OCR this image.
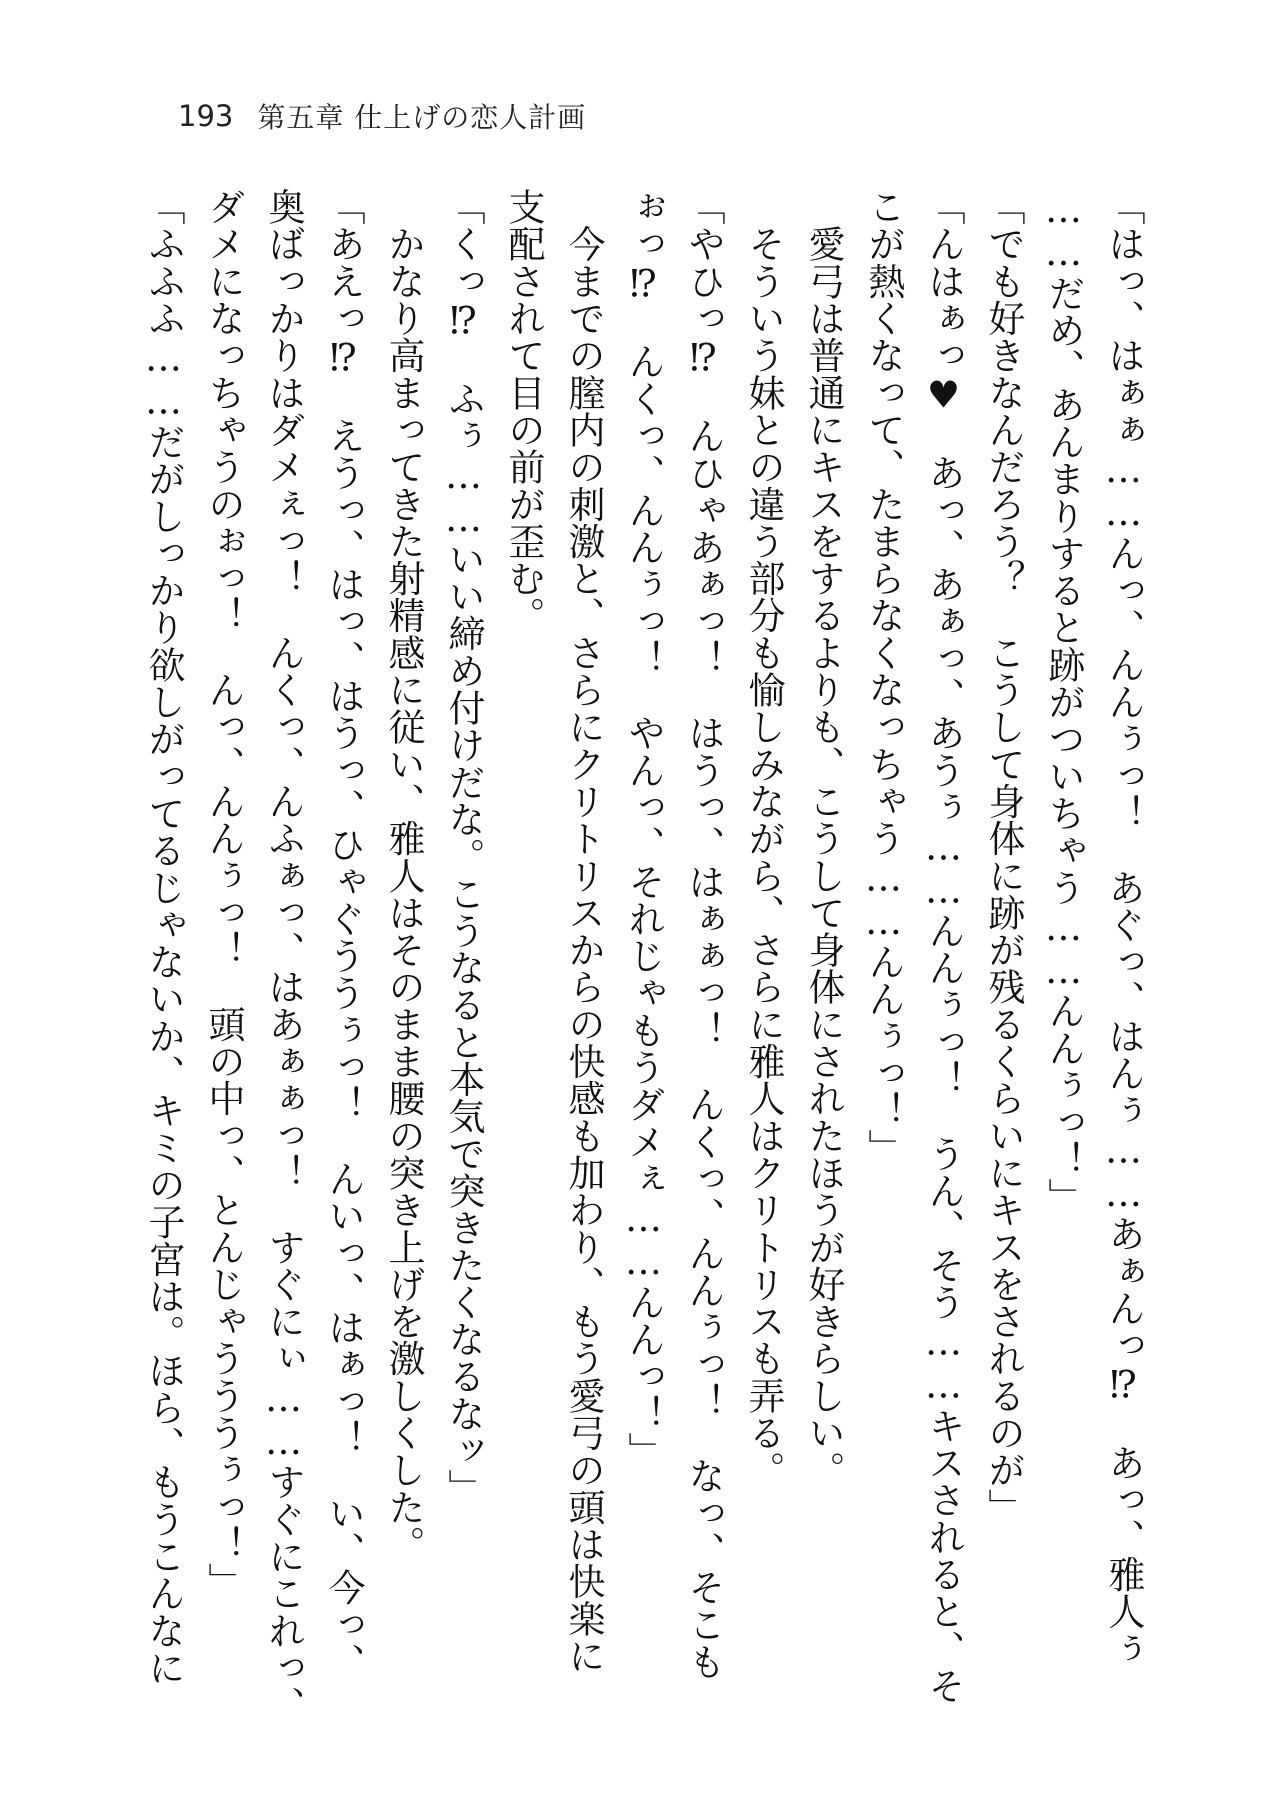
193 第五章 仕上げの恋人計画
「はっ、はぁぁ……んっ、んんぅっ！　あぐっ、はんぅ……あぁんっ⁉　あっ、雅人ぅ
……だめ、あんまりすると跡がついちゃう……んんぅっ！」
「でも好きなんだろう？　こうして身体に跡が残るくらいにキスをされるのが」
「んはぁっ♥　あっ、あぁっ、あうぅ……んんぅっ！　うん、そう……キスされると、そ
こが熱くなって、たまらなくなっちゃう……んんぅっ！」
　愛弓は普通にキスをするよりも、こうして身体にされたほうが好きらしい。
　そういう妹との違う部分も愉しみながら、さらに雅人はクリトリスも弄る。
「やひっ⁉　んひゃあぁっ！　はうっ、はぁぁっ！　んくっ、んんぅっ！　なっ、そこも
ぉっ⁉　んくっ、んんぅっ！　やんっ、それじゃもうダメぇ……んんっ！」
　今までの膣内の刺激と、さらにクリトリスからの快感も加わり、もう愛弓の頭は快楽に
支配されて目の前が歪む。
「くっ⁉　ふぅ……いい締め付けだな。こうなると本気で突きたくなるなッ」
　かなり高まってきた射精感に従い、雅人はそのまま腰の突き上げを激しくした。
「あえっ⁉　えうっ、はっ、はうっ、ひゃぐううぅっ！　んいっ、はぁっ！　い、今っ、
奥ばっかりはダメぇっ！　んくっ、んふぁっ、はあぁぁっ！　すぐにぃ……すぐにこれっ、
ダメになっちゃうのぉっ！　んっ、んんぅっ！　頭の中っ、とんじゃうううぅっ！」
「ふふふ……だがしっかり欲しがってるじゃないか、キミの子宮は。ほら、もうこんなに
